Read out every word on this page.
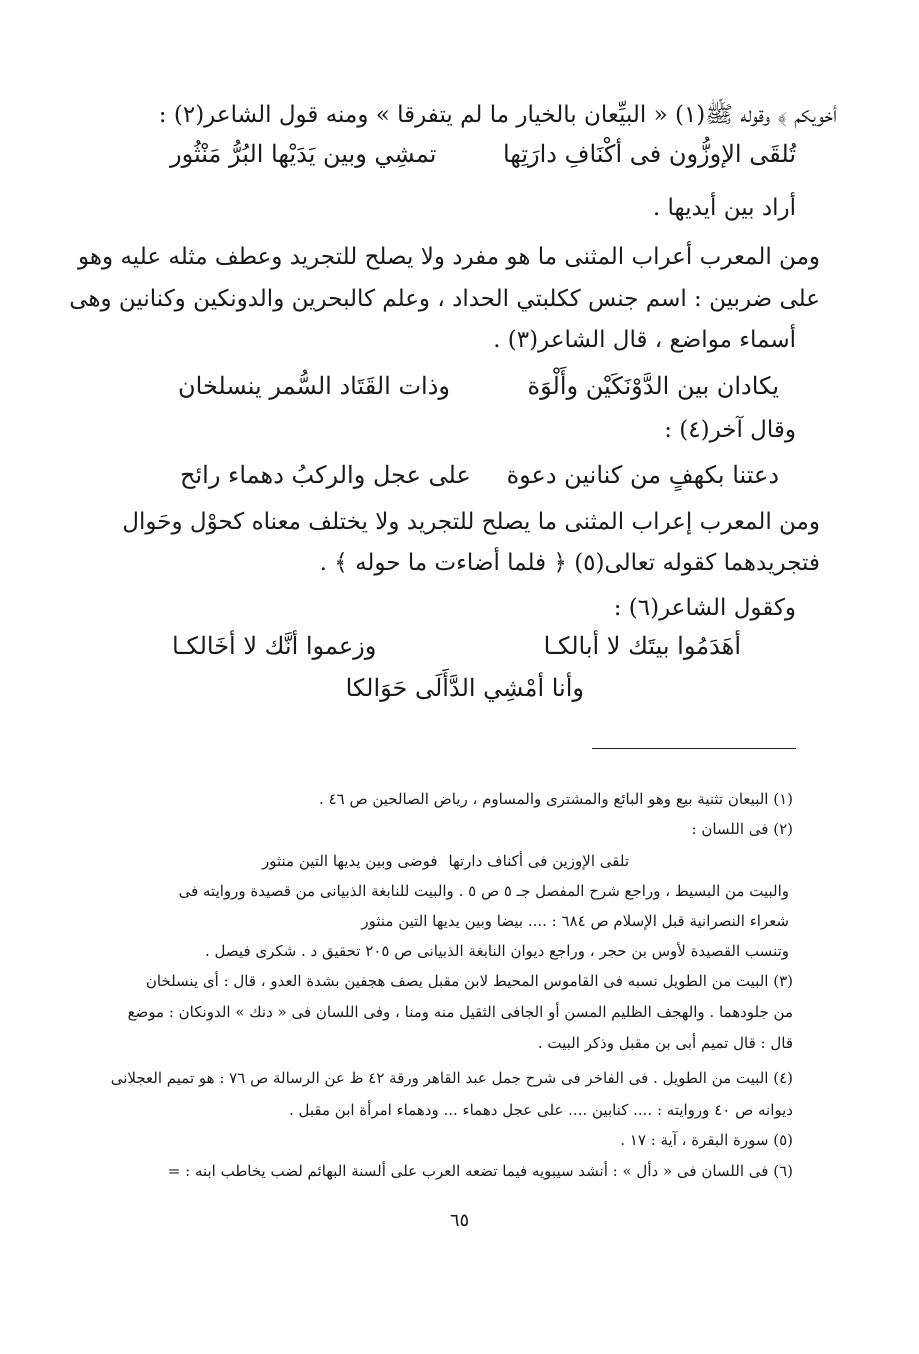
أخويكم ﴾ وقوله ﷺ(١) « البيِّعان بالخيار ما لم يتفرقا » ومنه قول الشاعر(٢) :
تُلقَى الإوزُّون فى أكْنَافِ دارَتِها
تمشِي وبين يَدَيْها البُرُّ مَنْثُور
أراد بين أيديها .
ومن المعرب أعراب المثنى ما هو مفرد ولا يصلح للتجريد وعطف مثله عليه وهو
على ضربين : اسم جنس ككلبتي الحداد ، وعلم كالبحرين والدونكين وكنانين وهى
أسماء مواضع ، قال الشاعر(٣) .
يكادان بين الدَّوْنَكَيْن وأَلْوَة
وذات القَتَاد السُّمر ينسلخان
وقال آخر(٤) :
دعتنا بكهفٍ من كنانين دعوة
على عجل والركبُ دهماء رائح
ومن المعرب إعراب المثنى ما يصلح للتجريد ولا يختلف معناه كحوْل وحَوال
فتجريدهما كقوله تعالى(٥) ﴿ فلما أضاءت ما حوله ﴾ .
وكقول الشاعر(٦) :
أهَدَمُوا بيتَك لا أبالكـا
وزعموا أنَّك لا أخَالكـا
وأنا أمْشِي الدَّأَلَى حَوَالكا
(١) البيعان تثنية بيع وهو البائع والمشترى والمساوم ، رياض الصالحين ص ٤٦ .
(٢) فى اللسان :
تلقى الإوزين فى أكناف دارتها
فوضى وبين يديها التين منثور
والبيت من البسيط ، وراجع شرح المفصل جـ ٥ ص ٥ . والبيت للنابغة الذبيانى من قصيدة وروايته فى
شعراء النصرانية قبل الإسلام ص ٦٨٤ : .... بيضا وبين يديها التين منثور
وتنسب القصيدة لأوس بن حجر ، وراجع ديوان النابغة الذبيانى ص ٢٠٥ تحقيق د . شكرى فيصل .
(٣) البيت من الطويل نسبه فى القاموس المحيط لابن مقبل يصف هجفين بشدة العدو ، قال : أى ينسلخان
من جلودهما . والهجف الظليم المسن أو الجافى الثقيل منه ومنا ، وفى اللسان فى « دنك » الدونكان : موضع
قال : قال تميم أبى بن مقبل وذكر البيت .
(٤) البيت من الطويل . فى الفاخر فى شرح جمل عبد القاهر ورقة ٤٢ ظ عن الرسالة ص ٧٦ : هو تميم العجلانى
ديوانه ص ٤٠ وروايته : .... كنابين .... على عجل دهماء ... ودهماء امرأة ابن مقبل .
(٥) سورة البقرة ، آية : ١٧ .
(٦) فى اللسان فى « دأل » : أنشد سيبويه فيما تضعه العرب على ألسنة البهائم لضب يخاطب ابنه : =
٦٥
